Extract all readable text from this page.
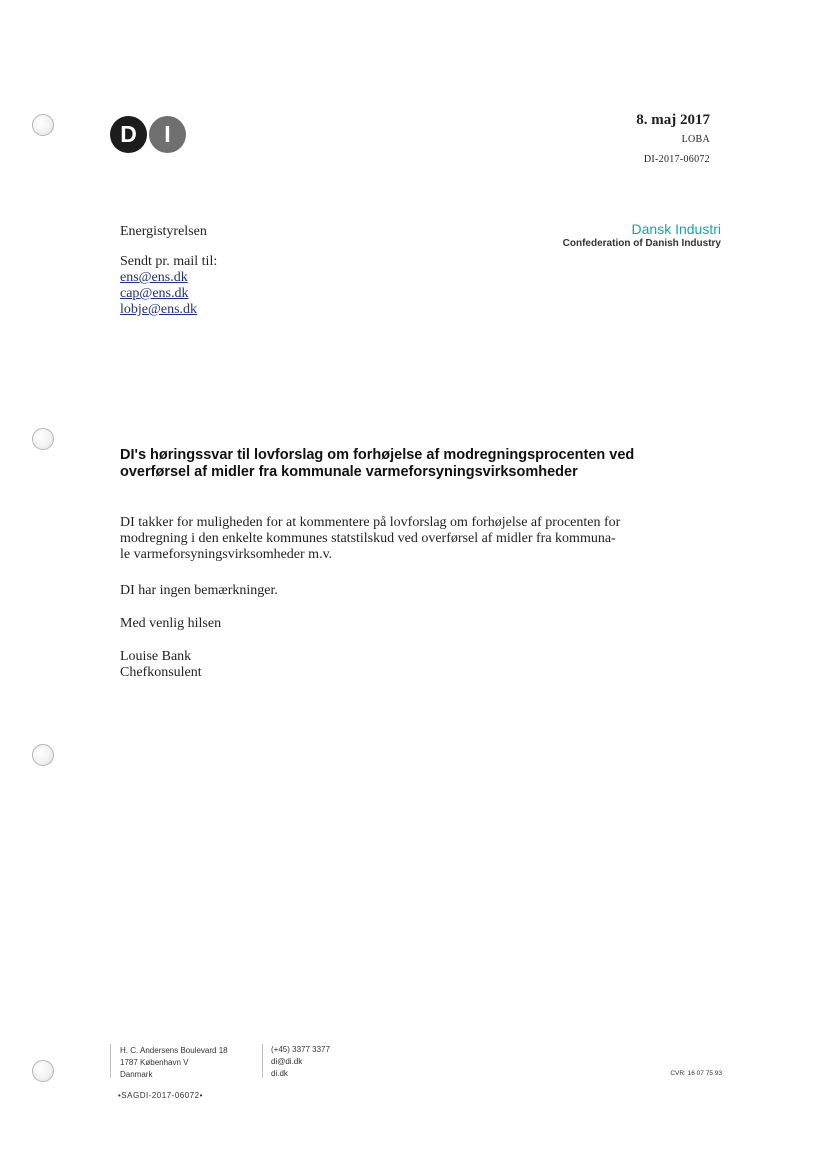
D	I
8. maj 2017
LOBA
DI-2017-06072
Dansk Industri
Confederation of Danish Industry
Energistyrelsen
Sendt pr. mail til:
ens@ens.dk
cap@ens.dk
lobje@ens.dk
DI's høringssvar til lovforslag om forhøjelse af modregningsprocenten ved
overførsel af midler fra kommunale varmeforsyningsvirksomheder
DI takker for muligheden for at kommentere på lovforslag om forhøjelse af procenten for
modregning i den enkelte kommunes statstilskud ved overførsel af midler fra kommuna-
le varmeforsyningsvirksomheder m.v.
DI har ingen bemærkninger.
Med venlig hilsen
Louise Bank
Chefkonsulent
H. C. Andersens Boulevard 18
1787 København V
Danmark
(+45) 3377 3377
di@di.dk
di.dk	CVR: 16 07 75 93
•SAGDI-2017-06072•
